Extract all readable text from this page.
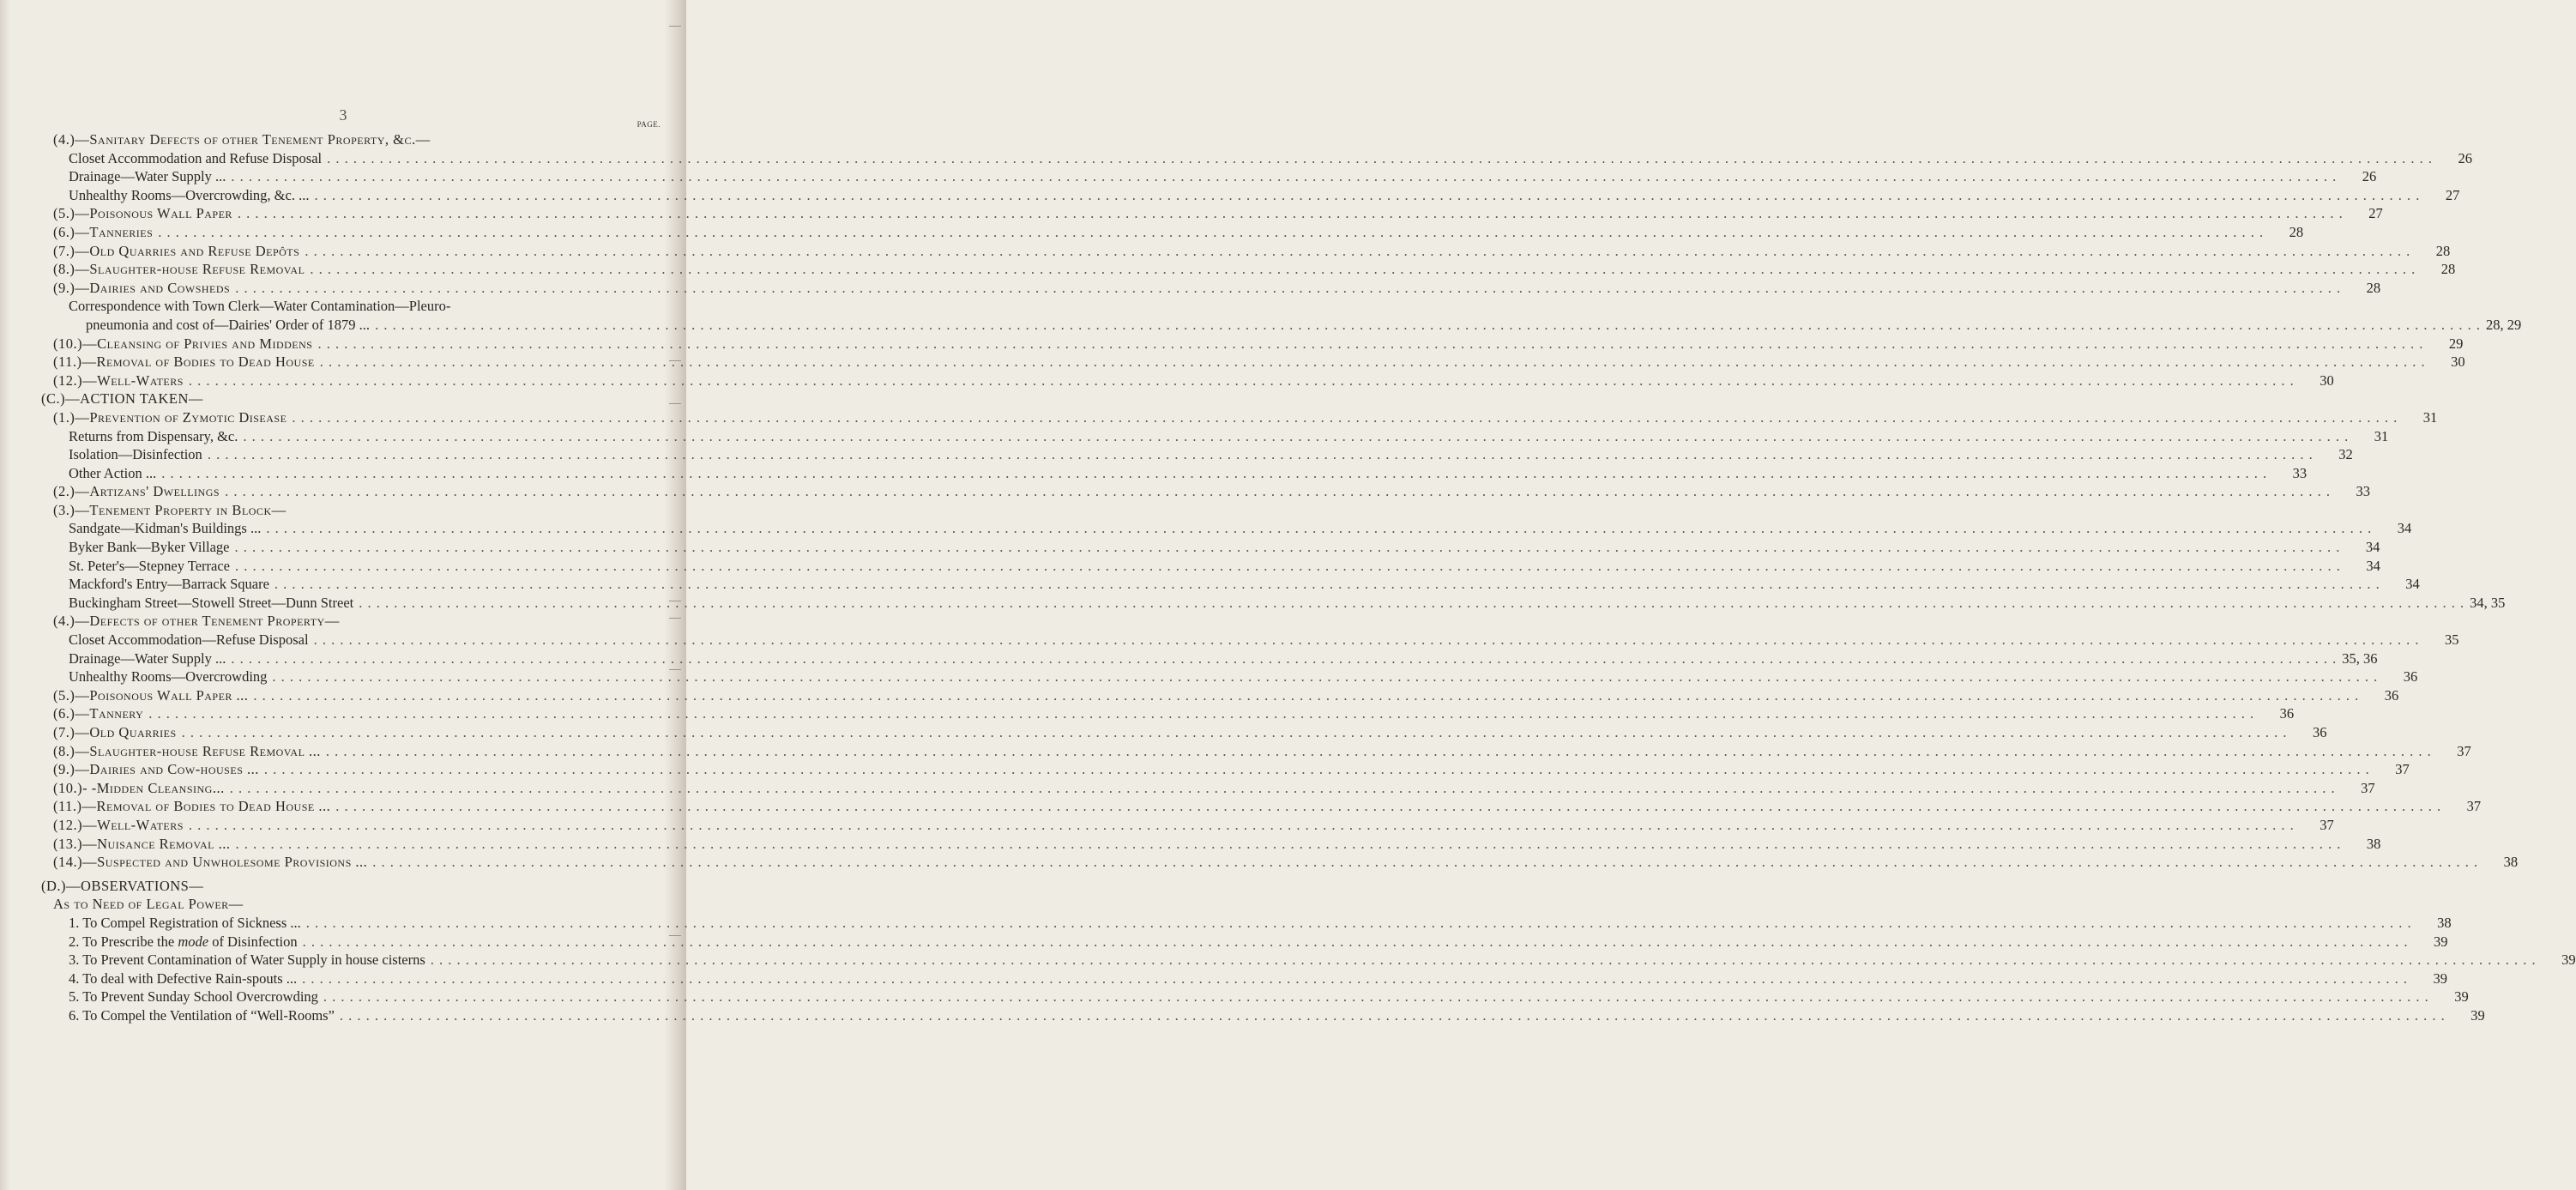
3
PAGE.
(4.)—Sanitary Defects of other Tenement Property, &c.—
Closet Accommodation and Refuse Disposal . . . . . . . . . . . . . . . . . . . . . . . . . . . . . . . . . . . . . . . . . . . . . . . . . . . . . . . . . . . . . . . . . . . . . . . . . . . . . . . . . . . . . . . . . . . . . . . . . . . . . . . . . . . . . . . . . . . . . . . . . . . . . . . . . . . . . . . . . . . . . . . . . . . . . . . . . . . . . . . . . . . . . . . . . . . . . . . . . . . . . . . . . . . . . . . . . . . . . . . . . . . . . . . . . . . . . . . . . . . . . . . . . . . . . . . . . . . . . . . .	26
Drainage—Water Supply ... . . . . . . . . . . . . . . . . . . . . . . . . . . . . . . . . . . . . . . . . . . . . . . . . . . . . . . . . . . . . . . . . . . . . . . . . . . . . . . . . . . . . . . . . . . . . . . . . . . . . . . . . . . . . . . . . . . . . . . . . . . . . . . . . . . . . . . . . . . . . . . . . . . . . . . . . . . . . . . . . . . . . . . . . . . . . . . . . . . . . . . . . . . . . . . . . . . . . . . . . . . . . . . . . . . . . . . . . . . . . . . . . . . . . . . . . . . . . . . . .	26
Unhealthy Rooms—Overcrowding, &c. ... . . . . . . . . . . . . . . . . . . . . . . . . . . . . . . . . . . . . . . . . . . . . . . . . . . . . . . . . . . . . . . . . . . . . . . . . . . . . . . . . . . . . . . . . . . . . . . . . . . . . . . . . . . . . . . . . . . . . . . . . . . . . . . . . . . . . . . . . . . . . . . . . . . . . . . . . . . . . . . . . . . . . . . . . . . . . . . . . . . . . . . . . . . . . . . . . . . . . . . . . . . . . . . . . . . . . . . . . . . . . . . . . . . . . . . . . . . . . . . . .	27
(5.)—Poisonous Wall Paper . . . . . . . . . . . . . . . . . . . . . . . . . . . . . . . . . . . . . . . . . . . . . . . . . . . . . . . . . . . . . . . . . . . . . . . . . . . . . . . . . . . . . . . . . . . . . . . . . . . . . . . . . . . . . . . . . . . . . . . . . . . . . . . . . . . . . . . . . . . . . . . . . . . . . . . . . . . . . . . . . . . . . . . . . . . . . . . . . . . . . . . . . . . . . . . . . . . . . . . . . . . . . . . . . . . . . . . . . . . . . . . . . . . . . . . . . . . . . . . .	27
(6.)—Tanneries . . . . . . . . . . . . . . . . . . . . . . . . . . . . . . . . . . . . . . . . . . . . . . . . . . . . . . . . . . . . . . . . . . . . . . . . . . . . . . . . . . . . . . . . . . . . . . . . . . . . . . . . . . . . . . . . . . . . . . . . . . . . . . . . . . . . . . . . . . . . . . . . . . . . . . . . . . . . . . . . . . . . . . . . . . . . . . . . . . . . . . . . . . . . . . . . . . . . . . . . . . . . . . . . . . . . . . . . . . . . . . . . . . . . . . . . . . . . . . . .	28
(7.)—Old Quarries and Refuse Depôts . . . . . . . . . . . . . . . . . . . . . . . . . . . . . . . . . . . . . . . . . . . . . . . . . . . . . . . . . . . . . . . . . . . . . . . . . . . . . . . . . . . . . . . . . . . . . . . . . . . . . . . . . . . . . . . . . . . . . . . . . . . . . . . . . . . . . . . . . . . . . . . . . . . . . . . . . . . . . . . . . . . . . . . . . . . . . . . . . . . . . . . . . . . . . . . . . . . . . . . . . . . . . . . . . . . . . . . . . . . . . . . . . . . . . . . . . . . . . . . .	28
(8.)—Slaughter-house Refuse Removal . . . . . . . . . . . . . . . . . . . . . . . . . . . . . . . . . . . . . . . . . . . . . . . . . . . . . . . . . . . . . . . . . . . . . . . . . . . . . . . . . . . . . . . . . . . . . . . . . . . . . . . . . . . . . . . . . . . . . . . . . . . . . . . . . . . . . . . . . . . . . . . . . . . . . . . . . . . . . . . . . . . . . . . . . . . . . . . . . . . . . . . . . . . . . . . . . . . . . . . . . . . . . . . . . . . . . . . . . . . . . . . . . . . . . . . . . . . . . . . .	28
(9.)—Dairies and Cowsheds . . . . . . . . . . . . . . . . . . . . . . . . . . . . . . . . . . . . . . . . . . . . . . . . . . . . . . . . . . . . . . . . . . . . . . . . . . . . . . . . . . . . . . . . . . . . . . . . . . . . . . . . . . . . . . . . . . . . . . . . . . . . . . . . . . . . . . . . . . . . . . . . . . . . . . . . . . . . . . . . . . . . . . . . . . . . . . . . . . . . . . . . . . . . . . . . . . . . . . . . . . . . . . . . . . . . . . . . . . . . . . . . . . . . . . . . . . . . . . . .	28
Correspondence with Town Clerk—Water Contamination—Pleuro-
pneumonia and cost of—Dairies' Order of 1879 ... . . . . . . . . . . . . . . . . . . . . . . . . . . . . . . . . . . . . . . . . . . . . . . . . . . . . . . . . . . . . . . . . . . . . . . . . . . . . . . . . . . . . . . . . . . . . . . . . . . . . . . . . . . . . . . . . . . . . . . . . . . . . . . . . . . . . . . . . . . . . . . . . . . . . . . . . . . . . . . . . . . . . . . . . . . . . . . . . . . . . . . . . . . . . . . . . . . . . . . . . . . . . . . . . . . . . . . . . . . . . . . . . . . . . . . . . . . . . . . . . 28, 29
(10.)—Cleansing of Privies and Middens . . . . . . . . . . . . . . . . . . . . . . . . . . . . . . . . . . . . . . . . . . . . . . . . . . . . . . . . . . . . . . . . . . . . . . . . . . . . . . . . . . . . . . . . . . . . . . . . . . . . . . . . . . . . . . . . . . . . . . . . . . . . . . . . . . . . . . . . . . . . . . . . . . . . . . . . . . . . . . . . . . . . . . . . . . . . . . . . . . . . . . . . . . . . . . . . . . . . . . . . . . . . . . . . . . . . . . . . . . . . . . . . . . . . . . . . . . . . . . . .	29
(11.)—Removal of Bodies to Dead House . . . . . . . . . . . . . . . . . . . . . . . . . . . . . . . . . . . . . . . . . . . . . . . . . . . . . . . . . . . . . . . . . . . . . . . . . . . . . . . . . . . . . . . . . . . . . . . . . . . . . . . . . . . . . . . . . . . . . . . . . . . . . . . . . . . . . . . . . . . . . . . . . . . . . . . . . . . . . . . . . . . . . . . . . . . . . . . . . . . . . . . . . . . . . . . . . . . . . . . . . . . . . . . . . . . . . . . . . . . . . . . . . . . . . . . . . . . . . . . .	30
(12.)—Well-Waters . . . . . . . . . . . . . . . . . . . . . . . . . . . . . . . . . . . . . . . . . . . . . . . . . . . . . . . . . . . . . . . . . . . . . . . . . . . . . . . . . . . . . . . . . . . . . . . . . . . . . . . . . . . . . . . . . . . . . . . . . . . . . . . . . . . . . . . . . . . . . . . . . . . . . . . . . . . . . . . . . . . . . . . . . . . . . . . . . . . . . . . . . . . . . . . . . . . . . . . . . . . . . . . . . . . . . . . . . . . . . . . . . . . . . . . . . . . . . . . .	30
(C.)—ACTION TAKEN—
(1.)—Prevention of Zymotic Disease . . . . . . . . . . . . . . . . . . . . . . . . . . . . . . . . . . . . . . . . . . . . . . . . . . . . . . . . . . . . . . . . . . . . . . . . . . . . . . . . . . . . . . . . . . . . . . . . . . . . . . . . . . . . . . . . . . . . . . . . . . . . . . . . . . . . . . . . . . . . . . . . . . . . . . . . . . . . . . . . . . . . . . . . . . . . . . . . . . . . . . . . . . . . . . . . . . . . . . . . . . . . . . . . . . . . . . . . . . . . . . . . . . . . . . . . . . . . . . . .	31
Returns from Dispensary, &c. . . . . . . . . . . . . . . . . . . . . . . . . . . . . . . . . . . . . . . . . . . . . . . . . . . . . . . . . . . . . . . . . . . . . . . . . . . . . . . . . . . . . . . . . . . . . . . . . . . . . . . . . . . . . . . . . . . . . . . . . . . . . . . . . . . . . . . . . . . . . . . . . . . . . . . . . . . . . . . . . . . . . . . . . . . . . . . . . . . . . . . . . . . . . . . . . . . . . . . . . . . . . . . . . . . . . . . . . . . . . . . . . . . . . . . . . . . . . . . . .	31
Isolation—Disinfection . . . . . . . . . . . . . . . . . . . . . . . . . . . . . . . . . . . . . . . . . . . . . . . . . . . . . . . . . . . . . . . . . . . . . . . . . . . . . . . . . . . . . . . . . . . . . . . . . . . . . . . . . . . . . . . . . . . . . . . . . . . . . . . . . . . . . . . . . . . . . . . . . . . . . . . . . . . . . . . . . . . . . . . . . . . . . . . . . . . . . . . . . . . . . . . . . . . . . . . . . . . . . . . . . . . . . . . . . . . . . . . . . . . . . . . . . . . . . . . .	32
Other Action ... . . . . . . . . . . . . . . . . . . . . . . . . . . . . . . . . . . . . . . . . . . . . . . . . . . . . . . . . . . . . . . . . . . . . . . . . . . . . . . . . . . . . . . . . . . . . . . . . . . . . . . . . . . . . . . . . . . . . . . . . . . . . . . . . . . . . . . . . . . . . . . . . . . . . . . . . . . . . . . . . . . . . . . . . . . . . . . . . . . . . . . . . . . . . . . . . . . . . . . . . . . . . . . . . . . . . . . . . . . . . . . . . . . . . . . . . . . . . . . . .	33
(2.)—Artizans' Dwellings . . . . . . . . . . . . . . . . . . . . . . . . . . . . . . . . . . . . . . . . . . . . . . . . . . . . . . . . . . . . . . . . . . . . . . . . . . . . . . . . . . . . . . . . . . . . . . . . . . . . . . . . . . . . . . . . . . . . . . . . . . . . . . . . . . . . . . . . . . . . . . . . . . . . . . . . . . . . . . . . . . . . . . . . . . . . . . . . . . . . . . . . . . . . . . . . . . . . . . . . . . . . . . . . . . . . . . . . . . . . . . . . . . . . . . . . . . . . . . . .	33
(3.)—Tenement Property in Block—
Sandgate—Kidman's Buildings ... . . . . . . . . . . . . . . . . . . . . . . . . . . . . . . . . . . . . . . . . . . . . . . . . . . . . . . . . . . . . . . . . . . . . . . . . . . . . . . . . . . . . . . . . . . . . . . . . . . . . . . . . . . . . . . . . . . . . . . . . . . . . . . . . . . . . . . . . . . . . . . . . . . . . . . . . . . . . . . . . . . . . . . . . . . . . . . . . . . . . . . . . . . . . . . . . . . . . . . . . . . . . . . . . . . . . . . . . . . . . . . . . . . . . . . . . . . . . . . . .	34
Byker Bank—Byker Village . . . . . . . . . . . . . . . . . . . . . . . . . . . . . . . . . . . . . . . . . . . . . . . . . . . . . . . . . . . . . . . . . . . . . . . . . . . . . . . . . . . . . . . . . . . . . . . . . . . . . . . . . . . . . . . . . . . . . . . . . . . . . . . . . . . . . . . . . . . . . . . . . . . . . . . . . . . . . . . . . . . . . . . . . . . . . . . . . . . . . . . . . . . . . . . . . . . . . . . . . . . . . . . . . . . . . . . . . . . . . . . . . . . . . . . . . . . . . . . .	34
St. Peter's—Stepney Terrace . . . . . . . . . . . . . . . . . . . . . . . . . . . . . . . . . . . . . . . . . . . . . . . . . . . . . . . . . . . . . . . . . . . . . . . . . . . . . . . . . . . . . . . . . . . . . . . . . . . . . . . . . . . . . . . . . . . . . . . . . . . . . . . . . . . . . . . . . . . . . . . . . . . . . . . . . . . . . . . . . . . . . . . . . . . . . . . . . . . . . . . . . . . . . . . . . . . . . . . . . . . . . . . . . . . . . . . . . . . . . . . . . . . . . . . . . . . . . . . .	34
Mackford's Entry—Barrack Square . . . . . . . . . . . . . . . . . . . . . . . . . . . . . . . . . . . . . . . . . . . . . . . . . . . . . . . . . . . . . . . . . . . . . . . . . . . . . . . . . . . . . . . . . . . . . . . . . . . . . . . . . . . . . . . . . . . . . . . . . . . . . . . . . . . . . . . . . . . . . . . . . . . . . . . . . . . . . . . . . . . . . . . . . . . . . . . . . . . . . . . . . . . . . . . . . . . . . . . . . . . . . . . . . . . . . . . . . . . . . . . . . . . . . . . . . . . . . . . .	34
Buckingham Street—Stowell Street—Dunn Street . . . . . . . . . . . . . . . . . . . . . . . . . . . . . . . . . . . . . . . . . . . . . . . . . . . . . . . . . . . . . . . . . . . . . . . . . . . . . . . . . . . . . . . . . . . . . . . . . . . . . . . . . . . . . . . . . . . . . . . . . . . . . . . . . . . . . . . . . . . . . . . . . . . . . . . . . . . . . . . . . . . . . . . . . . . . . . . . . . . . . . . . . . . . . . . . . . . . . . . . . . . . . . . . . . . . . . . . . . . . . . . . . . . . . . . . . . . . . . . . 34, 35
(4.)—Defects of other Tenement Property—
Closet Accommodation—Refuse Disposal . . . . . . . . . . . . . . . . . . . . . . . . . . . . . . . . . . . . . . . . . . . . . . . . . . . . . . . . . . . . . . . . . . . . . . . . . . . . . . . . . . . . . . . . . . . . . . . . . . . . . . . . . . . . . . . . . . . . . . . . . . . . . . . . . . . . . . . . . . . . . . . . . . . . . . . . . . . . . . . . . . . . . . . . . . . . . . . . . . . . . . . . . . . . . . . . . . . . . . . . . . . . . . . . . . . . . . . . . . . . . . . . . . . . . . . . . . . . . . . .	35
Drainage—Water Supply ... . . . . . . . . . . . . . . . . . . . . . . . . . . . . . . . . . . . . . . . . . . . . . . . . . . . . . . . . . . . . . . . . . . . . . . . . . . . . . . . . . . . . . . . . . . . . . . . . . . . . . . . . . . . . . . . . . . . . . . . . . . . . . . . . . . . . . . . . . . . . . . . . . . . . . . . . . . . . . . . . . . . . . . . . . . . . . . . . . . . . . . . . . . . . . . . . . . . . . . . . . . . . . . . . . . . . . . . . . . . . . . . . . . . . . . . . . . . . . . . . 35, 36
Unhealthy Rooms—Overcrowding . . . . . . . . . . . . . . . . . . . . . . . . . . . . . . . . . . . . . . . . . . . . . . . . . . . . . . . . . . . . . . . . . . . . . . . . . . . . . . . . . . . . . . . . . . . . . . . . . . . . . . . . . . . . . . . . . . . . . . . . . . . . . . . . . . . . . . . . . . . . . . . . . . . . . . . . . . . . . . . . . . . . . . . . . . . . . . . . . . . . . . . . . . . . . . . . . . . . . . . . . . . . . . . . . . . . . . . . . . . . . . . . . . . . . . . . . . . . . . . .	36
(5.)—Poisonous Wall Paper ... . . . . . . . . . . . . . . . . . . . . . . . . . . . . . . . . . . . . . . . . . . . . . . . . . . . . . . . . . . . . . . . . . . . . . . . . . . . . . . . . . . . . . . . . . . . . . . . . . . . . . . . . . . . . . . . . . . . . . . . . . . . . . . . . . . . . . . . . . . . . . . . . . . . . . . . . . . . . . . . . . . . . . . . . . . . . . . . . . . . . . . . . . . . . . . . . . . . . . . . . . . . . . . . . . . . . . . . . . . . . . . . . . . . . . . . . . . . . . . . .	36
(6.)—Tannery . . . . . . . . . . . . . . . . . . . . . . . . . . . . . . . . . . . . . . . . . . . . . . . . . . . . . . . . . . . . . . . . . . . . . . . . . . . . . . . . . . . . . . . . . . . . . . . . . . . . . . . . . . . . . . . . . . . . . . . . . . . . . . . . . . . . . . . . . . . . . . . . . . . . . . . . . . . . . . . . . . . . . . . . . . . . . . . . . . . . . . . . . . . . . . . . . . . . . . . . . . . . . . . . . . . . . . . . . . . . . . . . . . . . . . . . . . . . . . . .	36
(7.)—Old Quarries . . . . . . . . . . . . . . . . . . . . . . . . . . . . . . . . . . . . . . . . . . . . . . . . . . . . . . . . . . . . . . . . . . . . . . . . . . . . . . . . . . . . . . . . . . . . . . . . . . . . . . . . . . . . . . . . . . . . . . . . . . . . . . . . . . . . . . . . . . . . . . . . . . . . . . . . . . . . . . . . . . . . . . . . . . . . . . . . . . . . . . . . . . . . . . . . . . . . . . . . . . . . . . . . . . . . . . . . . . . . . . . . . . . . . . . . . . . . . . . .	36
(8.)—Slaughter-house Refuse Removal ... . . . . . . . . . . . . . . . . . . . . . . . . . . . . . . . . . . . . . . . . . . . . . . . . . . . . . . . . . . . . . . . . . . . . . . . . . . . . . . . . . . . . . . . . . . . . . . . . . . . . . . . . . . . . . . . . . . . . . . . . . . . . . . . . . . . . . . . . . . . . . . . . . . . . . . . . . . . . . . . . . . . . . . . . . . . . . . . . . . . . . . . . . . . . . . . . . . . . . . . . . . . . . . . . . . . . . . . . . . . . . . . . . . . . . . . . . . . . . . . .	37
(9.)—Dairies and Cow-houses ... . . . . . . . . . . . . . . . . . . . . . . . . . . . . . . . . . . . . . . . . . . . . . . . . . . . . . . . . . . . . . . . . . . . . . . . . . . . . . . . . . . . . . . . . . . . . . . . . . . . . . . . . . . . . . . . . . . . . . . . . . . . . . . . . . . . . . . . . . . . . . . . . . . . . . . . . . . . . . . . . . . . . . . . . . . . . . . . . . . . . . . . . . . . . . . . . . . . . . . . . . . . . . . . . . . . . . . . . . . . . . . . . . . . . . . . . . . . . . . . .	37
(10.)- -Midden Cleansing... . . . . . . . . . . . . . . . . . . . . . . . . . . . . . . . . . . . . . . . . . . . . . . . . . . . . . . . . . . . . . . . . . . . . . . . . . . . . . . . . . . . . . . . . . . . . . . . . . . . . . . . . . . . . . . . . . . . . . . . . . . . . . . . . . . . . . . . . . . . . . . . . . . . . . . . . . . . . . . . . . . . . . . . . . . . . . . . . . . . . . . . . . . . . . . . . . . . . . . . . . . . . . . . . . . . . . . . . . . . . . . . . . . . . . . . . . . . . . . . .	37
(11.)—Removal of Bodies to Dead House ... . . . . . . . . . . . . . . . . . . . . . . . . . . . . . . . . . . . . . . . . . . . . . . . . . . . . . . . . . . . . . . . . . . . . . . . . . . . . . . . . . . . . . . . . . . . . . . . . . . . . . . . . . . . . . . . . . . . . . . . . . . . . . . . . . . . . . . . . . . . . . . . . . . . . . . . . . . . . . . . . . . . . . . . . . . . . . . . . . . . . . . . . . . . . . . . . . . . . . . . . . . . . . . . . . . . . . . . . . . . . . . . . . . . . . . . . . . . . . . . .	37
(12.)—Well-Waters . . . . . . . . . . . . . . . . . . . . . . . . . . . . . . . . . . . . . . . . . . . . . . . . . . . . . . . . . . . . . . . . . . . . . . . . . . . . . . . . . . . . . . . . . . . . . . . . . . . . . . . . . . . . . . . . . . . . . . . . . . . . . . . . . . . . . . . . . . . . . . . . . . . . . . . . . . . . . . . . . . . . . . . . . . . . . . . . . . . . . . . . . . . . . . . . . . . . . . . . . . . . . . . . . . . . . . . . . . . . . . . . . . . . . . . . . . . . . . . .	37
(13.)—Nuisance Removal ... . . . . . . . . . . . . . . . . . . . . . . . . . . . . . . . . . . . . . . . . . . . . . . . . . . . . . . . . . . . . . . . . . . . . . . . . . . . . . . . . . . . . . . . . . . . . . . . . . . . . . . . . . . . . . . . . . . . . . . . . . . . . . . . . . . . . . . . . . . . . . . . . . . . . . . . . . . . . . . . . . . . . . . . . . . . . . . . . . . . . . . . . . . . . . . . . . . . . . . . . . . . . . . . . . . . . . . . . . . . . . . . . . . . . . . . . . . . . . . . .	38
(14.)—Suspected and Unwholesome Provisions ... . . . . . . . . . . . . . . . . . . . . . . . . . . . . . . . . . . . . . . . . . . . . . . . . . . . . . . . . . . . . . . . . . . . . . . . . . . . . . . . . . . . . . . . . . . . . . . . . . . . . . . . . . . . . . . . . . . . . . . . . . . . . . . . . . . . . . . . . . . . . . . . . . . . . . . . . . . . . . . . . . . . . . . . . . . . . . . . . . . . . . . . . . . . . . . . . . . . . . . . . . . . . . . . . . . . . . . . . . . . . . . . . . . . . . . . . . . . . . . . .	38
(D.)—OBSERVATIONS—
As to Need of Legal Power—
1. To Compel Registration of Sickness ... . . . . . . . . . . . . . . . . . . . . . . . . . . . . . . . . . . . . . . . . . . . . . . . . . . . . . . . . . . . . . . . . . . . . . . . . . . . . . . . . . . . . . . . . . . . . . . . . . . . . . . . . . . . . . . . . . . . . . . . . . . . . . . . . . . . . . . . . . . . . . . . . . . . . . . . . . . . . . . . . . . . . . . . . . . . . . . . . . . . . . . . . . . . . . . . . . . . . . . . . . . . . . . . . . . . . . . . . . . . . . . . . . . . . . . . . . . . . . . . .	38
2. To Prescribe the mode of Disinfection . . . . . . . . . . . . . . . . . . . . . . . . . . . . . . . . . . . . . . . . . . . . . . . . . . . . . . . . . . . . . . . . . . . . . . . . . . . . . . . . . . . . . . . . . . . . . . . . . . . . . . . . . . . . . . . . . . . . . . . . . . . . . . . . . . . . . . . . . . . . . . . . . . . . . . . . . . . . . . . . . . . . . . . . . . . . . . . . . . . . . . . . . . . . . . . . . . . . . . . . . . . . . . . . . . . . . . . . . . . . . . . . . . . . . . . . . . . . . . . .	39
3. To Prevent Contamination of Water Supply in house cisterns . . . . . . . . . . . . . . . . . . . . . . . . . . . . . . . . . . . . . . . . . . . . . . . . . . . . . . . . . . . . . . . . . . . . . . . . . . . . . . . . . . . . . . . . . . . . . . . . . . . . . . . . . . . . . . . . . . . . . . . . . . . . . . . . . . . . . . . . . . . . . . . . . . . . . . . . . . . . . . . . . . . . . . . . . . . . . . . . . . . . . . . . . . . . . . . . . . . . . . . . . . . . . . . . . . . . . . . . . . . . . . . . . . . . . . . . . . . . . . . .	39
4. To deal with Defective Rain-spouts ... . . . . . . . . . . . . . . . . . . . . . . . . . . . . . . . . . . . . . . . . . . . . . . . . . . . . . . . . . . . . . . . . . . . . . . . . . . . . . . . . . . . . . . . . . . . . . . . . . . . . . . . . . . . . . . . . . . . . . . . . . . . . . . . . . . . . . . . . . . . . . . . . . . . . . . . . . . . . . . . . . . . . . . . . . . . . . . . . . . . . . . . . . . . . . . . . . . . . . . . . . . . . . . . . . . . . . . . . . . . . . . . . . . . . . . . . . . . . . . . .	39
5. To Prevent Sunday School Overcrowding . . . . . . . . . . . . . . . . . . . . . . . . . . . . . . . . . . . . . . . . . . . . . . . . . . . . . . . . . . . . . . . . . . . . . . . . . . . . . . . . . . . . . . . . . . . . . . . . . . . . . . . . . . . . . . . . . . . . . . . . . . . . . . . . . . . . . . . . . . . . . . . . . . . . . . . . . . . . . . . . . . . . . . . . . . . . . . . . . . . . . . . . . . . . . . . . . . . . . . . . . . . . . . . . . . . . . . . . . . . . . . . . . . . . . . . . . . . . . . . .	39
6. To Compel the Ventilation of “Well-Rooms” . . . . . . . . . . . . . . . . . . . . . . . . . . . . . . . . . . . . . . . . . . . . . . . . . . . . . . . . . . . . . . . . . . . . . . . . . . . . . . . . . . . . . . . . . . . . . . . . . . . . . . . . . . . . . . . . . . . . . . . . . . . . . . . . . . . . . . . . . . . . . . . . . . . . . . . . . . . . . . . . . . . . . . . . . . . . . . . . . . . . . . . . . . . . . . . . . . . . . . . . . . . . . . . . . . . . . . . . . . . . . . . . . . . . . . . . . . . . . . . .	39
